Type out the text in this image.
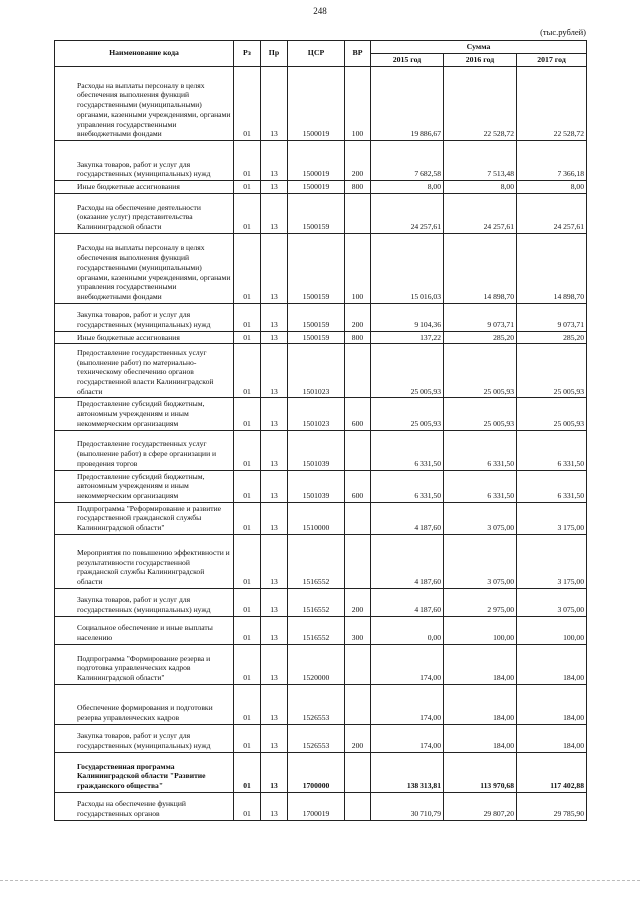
248
(тыс.рублей)
Наименование кода	Рз	Пр	ЦСР	ВР	Сумма		
					2015 год	2016 год	2017 год

Расходы на выплаты персоналу в целях обеспечения выполнения функций государственными (муниципальными) органами, казенными учреждениями, органами управления государственными внебюджетными фондами	01	13	1500019	100	19 886,67	22 528,72	22 528,72

Закупка товаров, работ и услуг для государственных (муниципальных) нужд	01	13	1500019	200	7 682,58	7 513,48	7 366,18

Иные бюджетные ассигнования	01	13	1500019	800	8,00	8,00	8,00

Расходы на обеспечение деятельности (оказание услуг) представительства Калининградской области	01	13	1500159		24 257,61	24 257,61	24 257,61

Расходы на выплаты персоналу в целях обеспечения выполнения функций государственными (муниципальными) органами, казенными учреждениями, органами управления государственными внебюджетными фондами	01	13	1500159	100	15 016,03	14 898,70	14 898,70

Закупка товаров, работ и услуг для государственных (муниципальных) нужд	01	13	1500159	200	9 104,36	9 073,71	9 073,71

Иные бюджетные ассигнования	01	13	1500159	800	137,22	285,20	285,20

Предоставление государственных услуг (выполнение работ) по материально-техническому обеспечению органов государственной власти Калининградской области	01	13	1501023		25 005,93	25 005,93	25 005,93

Предоставление субсидий бюджетным, автономным учреждениям и иным некоммерческим организациям	01	13	1501023	600	25 005,93	25 005,93	25 005,93

Предоставление государственных услуг (выполнение работ) в сфере организации и проведения торгов	01	13	1501039		6 331,50	6 331,50	6 331,50

Предоставление субсидий бюджетным, автономным учреждениям и иным некоммерческим организациям	01	13	1501039	600	6 331,50	6 331,50	6 331,50

Подпрограмма "Реформирование и развитие государственной гражданской службы Калининградской области"	01	13	1510000		4 187,60	3 075,00	3 175,00

Мероприятия по повышению эффективности и результативности государственной гражданской службы Калининградской области	01	13	1516552		4 187,60	3 075,00	3 175,00

Закупка товаров, работ и услуг для государственных (муниципальных) нужд	01	13	1516552	200	4 187,60	2 975,00	3 075,00

Социальное обеспечение и иные выплаты населению	01	13	1516552	300	0,00	100,00	100,00

Подпрограмма "Формирование резерва и подготовка управленческих кадров Калининградской области"	01	13	1520000		174,00	184,00	184,00

Обеспечение формирования и подготовки резерва управленческих кадров	01	13	1526553		174,00	184,00	184,00

Закупка товаров, работ и услуг для государственных (муниципальных) нужд	01	13	1526553	200	174,00	184,00	184,00

Государственная программа Калининградской области "Развитие гражданского общества"	01	13	1700000		138 313,81	113 970,68	117 402,88

Расходы на обеспечение функций государственных органов	01	13	1700019		30 710,79	29 807,20	29 785,90
